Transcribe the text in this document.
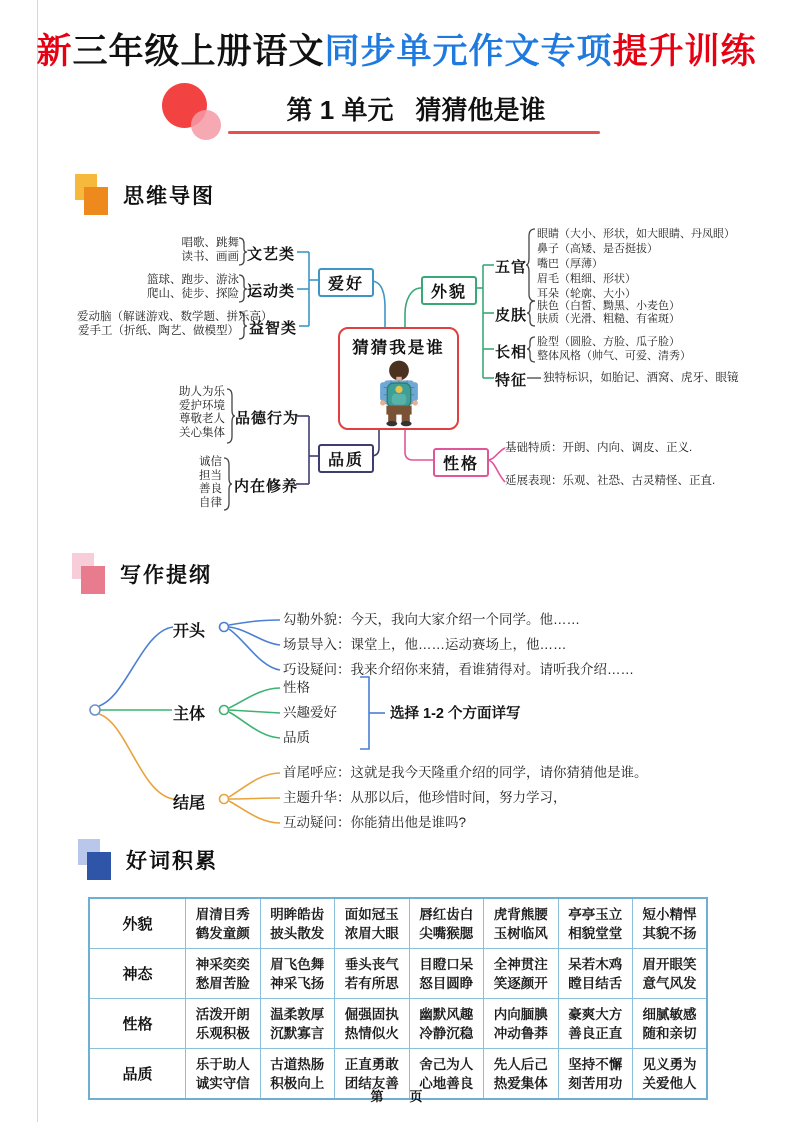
新三年级上册语文同步单元作文专项提升训练
第 1 单元 猜猜他是谁
思维导图
唱歌、跳舞
读书、画画 文艺类
篮球、跑步、游泳
爬山、徒步、探险 运动类
爱动脑（解谜游戏、数学题、拼乐高）
爱手工（折纸、陶艺、做模型） 益智类
爱好
猜猜我是谁
外貌
五官
眼睛（大小、形状，如大眼睛、丹凤眼）
鼻子（高矮、是否挺拔）
嘴巴（厚薄）
眉毛（粗细、形状）
耳朵（轮廓、大小）
皮肤
肤色（白皙、黝黑、小麦色）
肤质（光滑、粗糙、有雀斑）
长相
脸型（圆脸、方脸、瓜子脸）
整体风格（帅气、可爱、清秀）
特征 独特标识，如胎记、酒窝、虎牙、眼镜
助人为乐
爱护环境
尊敬老人
关心集体
品德行为
诚信
担当
善良
自律
内在修养
品质	性格
基础特质：开朗、内向、调皮、正义.
延展表现：乐观、社恐、古灵精怪、正直.
写作提纲
开头
勾勒外貌：今天，我向大家介绍一个同学。他……
场景导入：课堂上，他……运动赛场上，他……
巧设疑问：我来介绍你来猜，看谁猜得对。请听我介绍……
主体
性格
兴趣爱好
品质
选择 1-2 个方面详写
结尾
首尾呼应：这就是我今天隆重介绍的同学，请你猜猜他是谁。
主题升华：从那以后，他珍惜时间，努力学习，
互动疑问：你能猜出他是谁吗?
好词积累
外貌	
眉清目秀
鹤发童颜

明眸皓齿
披头散发

面如冠玉
浓眉大眼

唇红齿白
尖嘴猴腮

虎背熊腰
玉树临风

亭亭玉立
相貌堂堂

短小精悍
其貌不扬

神态	
神采奕奕
愁眉苦脸

眉飞色舞
神采飞扬

垂头丧气
若有所思

目瞪口呆
怒目圆睁

全神贯注
笑逐颜开

呆若木鸡
瞠目结舌

眉开眼笑
意气风发

性格	
活泼开朗
乐观积极

温柔敦厚
沉默寡言

倔强固执
热情似火

幽默风趣
冷静沉稳

内向腼腆
冲动鲁莽

豪爽大方
善良正直

细腻敏感
随和亲切

品质	
乐于助人
诚实守信

古道热肠
积极向上

正直勇敢
团结友善

舍己为人
心地善良

先人后己
热爱集体

坚持不懈
刻苦用功

见义勇为
关爱他人
第 页
